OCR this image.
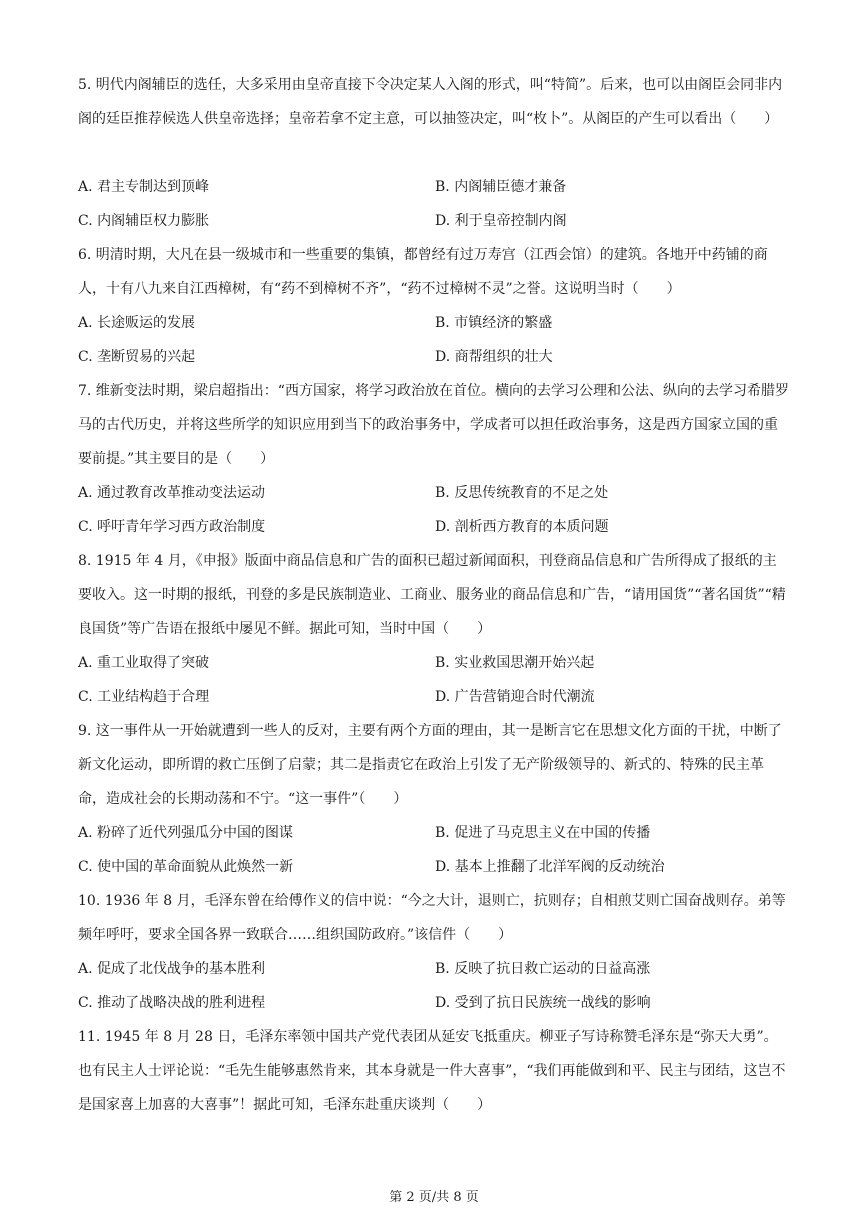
5. 明代内阁辅臣的选任，大多采用由皇帝直接下令决定某人入阁的形式，叫“特简”。后来，也可以由阁臣会同非内阁的廷臣推荐候选人供皇帝选择；皇帝若拿不定主意，可以抽签决定，叫“枚卜”。从阁臣的产生可以看出（　　）

A. 君主专制达到顶峰	B. 内阁辅臣德才兼备
C. 内阁辅臣权力膨胀	D. 利于皇帝控制内阁

6. 明清时期，大凡在县一级城市和一些重要的集镇，都曾经有过万寿宫（江西会馆）的建筑。各地开中药铺的商人，十有八九来自江西樟树，有“药不到樟树不齐”，“药不过樟树不灵”之誉。这说明当时（　　）

A. 长途贩运的发展	B. 市镇经济的繁盛
C. 垄断贸易的兴起	D. 商帮组织的壮大

7. 维新变法时期，梁启超指出：“西方国家，将学习政治放在首位。横向的去学习公理和公法、纵向的去学习希腊罗马的古代历史，并将这些所学的知识应用到当下的政治事务中，学成者可以担任政治事务，这是西方国家立国的重要前提。”其主要目的是（　　）

A. 通过教育改革推动变法运动	B. 反思传统教育的不足之处
C. 呼吁青年学习西方政治制度	D. 剖析西方教育的本质问题

8. 1915 年 4 月，《申报》版面中商品信息和广告的面积已超过新闻面积，刊登商品信息和广告所得成了报纸的主要收入。这一时期的报纸，刊登的多是民族制造业、工商业、服务业的商品信息和广告，“请用国货”“著名国货”“精良国货”等广告语在报纸中屡见不鲜。据此可知，当时中国（　　）

A. 重工业取得了突破	B. 实业救国思潮开始兴起
C. 工业结构趋于合理	D. 广告营销迎合时代潮流

9. 这一事件从一开始就遭到一些人的反对，主要有两个方面的理由，其一是断言它在思想文化方面的干扰，中断了新文化运动，即所谓的救亡压倒了启蒙；其二是指责它在政治上引发了无产阶级领导的、新式的、特殊的民主革命，造成社会的长期动荡和不宁。“这一事件”（　　）

A. 粉碎了近代列强瓜分中国的图谋	B. 促进了马克思主义在中国的传播
C. 使中国的革命面貌从此焕然一新	D. 基本上推翻了北洋军阀的反动统治

10. 1936 年 8 月，毛泽东曾在给傅作义的信中说：“今之大计，退则亡，抗则存；自相煎艾则亡国奋战则存。弟等频年呼吁，要求全国各界一致联合……组织国防政府。”该信件（　　）

A. 促成了北伐战争的基本胜利	B. 反映了抗日救亡运动的日益高涨
C. 推动了战略决战的胜利进程	D. 受到了抗日民族统一战线的影响

11. 1945 年 8 月 28 日，毛泽东率领中国共产党代表团从延安飞抵重庆。柳亚子写诗称赞毛泽东是“弥天大勇”。也有民主人士评论说：“毛先生能够惠然肯来，其本身就是一件大喜事”，“我们再能做到和平、民主与团结，这岂不是国家喜上加喜的大喜事”！据此可知，毛泽东赴重庆谈判（　　）

第 2 页/共 8 页
